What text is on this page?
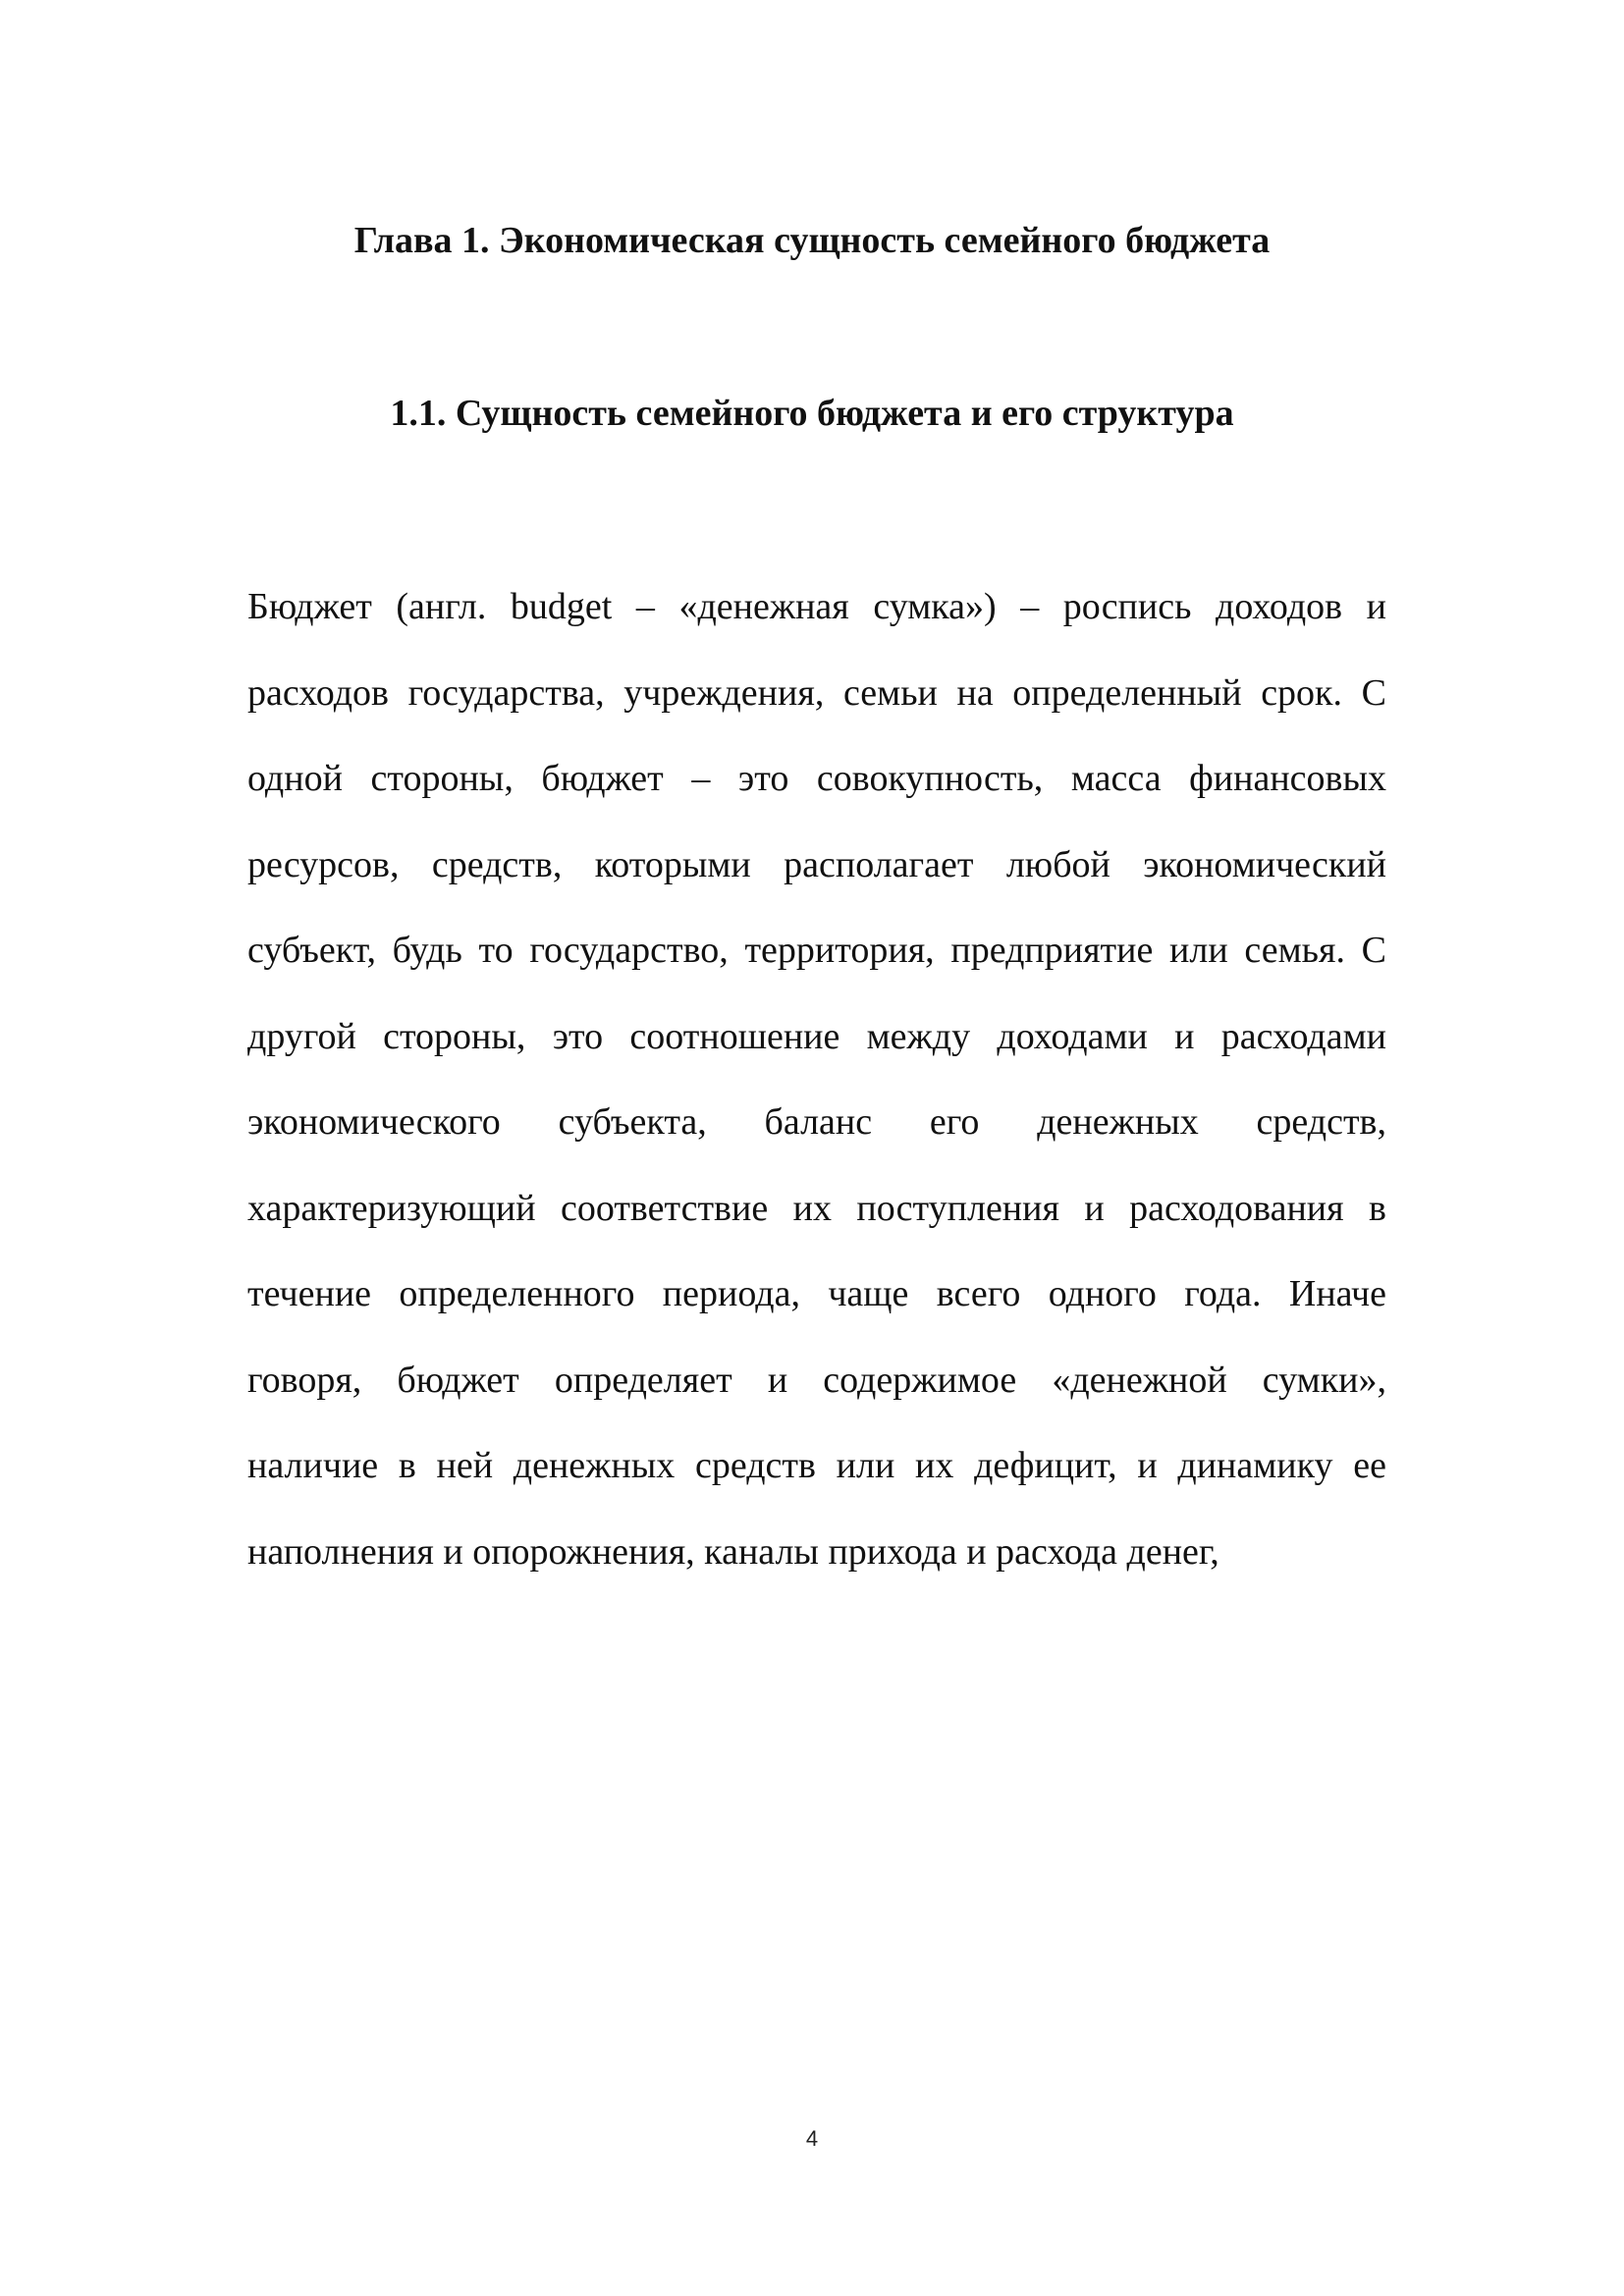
Глава 1. Экономическая сущность семейного бюджета
1.1. Сущность семейного бюджета и его структура
Бюджет (англ. budget – «денежная сумка») – роспись доходов и
расходов государства, учреждения, семьи на определенный срок. С
одной стороны, бюджет – это совокупность, масса финансовых
ресурсов, средств, которыми располагает любой экономический
субъект, будь то государство, территория, предприятие или семья. С
другой стороны, это соотношение между доходами и расходами
экономического субъекта, баланс его денежных средств,
характеризующий соответствие их поступления и расходования в
течение определенного периода, чаще всего одного года. Иначе
говоря, бюджет определяет и содержимое «денежной сумки»,
наличие в ней денежных средств или их дефицит, и динамику ее
наполнения и опорожнения, каналы прихода и расхода денег,
4
